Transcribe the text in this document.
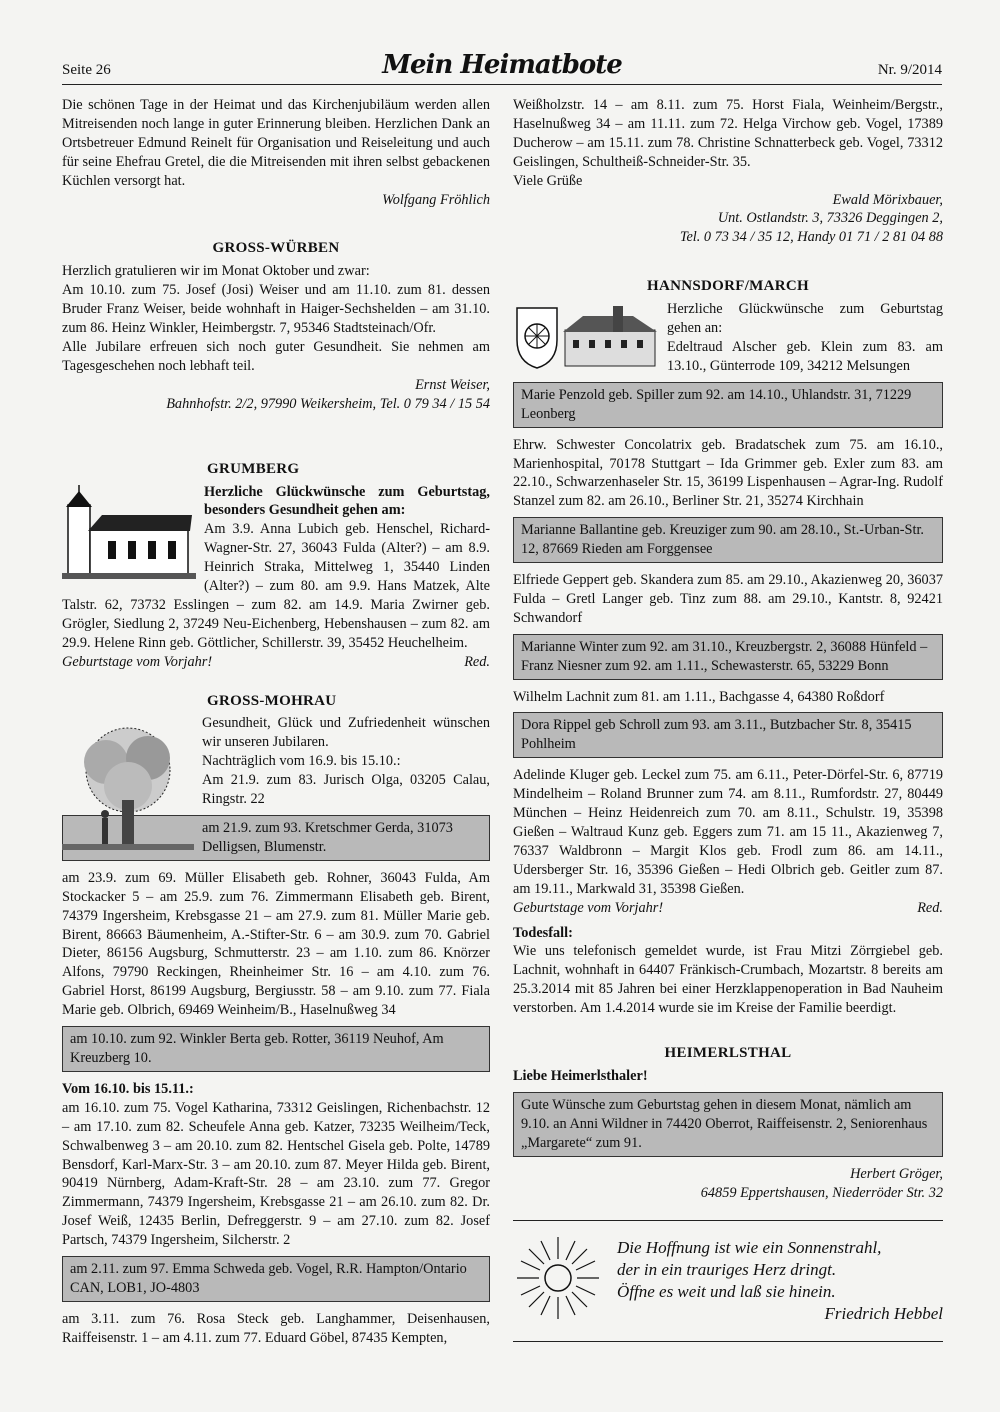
Seite 26	Mein Heimatbote	Nr. 9/2014

Die schönen Tage in der Heimat und das Kirchenjubiläum werden allen Mitreisenden noch lange in guter Erinnerung bleiben. Herzlichen Dank an Ortsbetreuer Edmund Reinelt für Organisation und Reiseleitung und auch für seine Ehefrau Gretel, die die Mitreisenden mit ihren selbst gebackenen Küchlen versorgt hat.

Wolfgang Fröhlich

GROSS-WÜRBEN

Herzlich gratulieren wir im Monat Oktober und zwar:

Am 10.10. zum 75. Josef (Josi) Weiser und am 11.10. zum 81. dessen Bruder Franz Weiser, beide wohnhaft in Haiger-Sechshelden – am 31.10. zum 86. Heinz Winkler, Heimbergstr. 7, 95346 Stadtsteinach/Ofr.

Alle Jubilare erfreuen sich noch guter Gesundheit. Sie nehmen am Tagesgeschehen noch lebhaft teil.

Ernst Weiser,

Bahnhofstr. 2/2, 97990 Weikersheim, Tel. 0 79 34 / 15 54

GRUMBERG

Herzliche Glückwünsche zum Geburtstag, besonders Gesundheit gehen am:

Am 3.9. Anna Lubich geb. Henschel, Richard-Wagner-Str. 27, 36043 Fulda (Alter?) – am 8.9. Heinrich Straka, Mittelweg 1, 35440 Linden (Alter?) – zum 80. am 9.9. Hans Matzek, Alte Talstr. 62, 73732 Esslingen – zum 82. am 14.9. Maria Zwirner geb. Grögler, Siedlung 2, 37249 Neu-Eichenberg, Hebenshausen – zum 82. am 29.9. Helene Rinn geb. Göttlicher, Schillerstr. 39, 35452 Heuchelheim.

Geburtstage vom Vorjahr!	Red.
GROSS-MOHRAU

Gesundheit, Glück und Zufriedenheit wünschen wir unseren Jubilaren.

Nachträglich vom 16.9. bis 15.10.:

Am 21.9. zum 83. Jurisch Olga, 03205 Calau, Ringstr. 22

am 21.9. zum 93. Kretschmer Gerda, 31073 Delligsen, Blumenstr.

am 23.9. zum 69. Müller Elisabeth geb. Rohner, 36043 Fulda, Am Stockacker 5 – am 25.9. zum 76. Zimmermann Elisabeth geb. Birent, 74379 Ingersheim, Krebsgasse 21 – am 27.9. zum 81. Müller Marie geb. Birent, 86663 Bäumenheim, A.-Stifter-Str. 6 – am 30.9. zum 70. Gabriel Dieter, 86156 Augsburg, Schmutterstr. 23 – am 1.10. zum 86. Knörzer Alfons, 79790 Reckingen, Rheinheimer Str. 16 – am 4.10. zum 76. Gabriel Horst, 86199 Augsburg, Bergiusstr. 58 – am 9.10. zum 77. Fiala Marie geb. Olbrich, 69469 Weinheim/B., Haselnußweg 34

am 10.10. zum 92. Winkler Berta geb. Rotter, 36119 Neuhof, Am Kreuzberg 10.

Vom 16.10. bis 15.11.:

am 16.10. zum 75. Vogel Katharina, 73312 Geislingen, Richenbachstr. 12 – am 17.10. zum 82. Scheufele Anna geb. Katzer, 73235 Weilheim/Teck, Schwalbenweg 3 – am 20.10. zum 82. Hentschel Gisela geb. Polte, 14789 Bensdorf, Karl-Marx-Str. 3 – am 20.10. zum 87. Meyer Hilda geb. Birent, 90419 Nürnberg, Adam-Kraft-Str. 28 – am 23.10. zum 77. Gregor Zimmermann, 74379 Ingersheim, Krebsgasse 21 – am 26.10. zum 82. Dr. Josef Weiß, 12435 Berlin, Defreggerstr. 9 – am 27.10. zum 82. Josef Partsch, 74379 Ingersheim, Silcherstr. 2

am 2.11. zum 97. Emma Schweda geb. Vogel, R.R. Hampton/Ontario CAN, LOB1, JO-4803

am 3.11. zum 76. Rosa Steck geb. Langhammer, Deisenhausen, Raiffeisenstr. 1 – am 4.11. zum 77. Eduard Göbel, 87435 Kempten,

Weißholzstr. 14 – am 8.11. zum 75. Horst Fiala, Weinheim/Bergstr., Haselnußweg 34 – am 11.11. zum 72. Helga Virchow geb. Vogel, 17389 Ducherow – am 15.11. zum 78. Christine Schnatterbeck geb. Vogel, 73312 Geislingen, Schultheiß-Schneider-Str. 35.

Viele Grüße

Ewald Mörixbauer,

Unt. Ostlandstr. 3, 73326 Deggingen 2,

Tel. 0 73 34 / 35 12, Handy 01 71 / 2 81 04 88

HANNSDORF/MARCH

Herzliche Glückwünsche zum Geburtstag gehen an:

Edeltraud Alscher geb. Klein zum 83. am 13.10., Günterrode 109, 34212 Melsungen

Marie Penzold geb. Spiller zum 92. am 14.10., Uhlandstr. 31, 71229 Leonberg

Ehrw. Schwester Concolatrix geb. Bradatschek zum 75. am 16.10., Marienhospital, 70178 Stuttgart – Ida Grimmer geb. Exler zum 83. am 22.10., Schwarzenhaseler Str. 15, 36199 Lispenhausen – Agrar-Ing. Rudolf Stanzel zum 82. am 26.10., Berliner Str. 21, 35274 Kirchhain

Marianne Ballantine geb. Kreuziger zum 90. am 28.10., St.-Urban-Str. 12, 87669 Rieden am Forggensee

Elfriede Geppert geb. Skandera zum 85. am 29.10., Akazienweg 20, 36037 Fulda – Gretl Langer geb. Tinz zum 88. am 29.10., Kantstr. 8, 92421 Schwandorf

Marianne Winter zum 92. am 31.10., Kreuzbergstr. 2, 36088 Hünfeld – Franz Niesner zum 92. am 1.11., Schewasterstr. 65, 53229 Bonn

Wilhelm Lachnit zum 81. am 1.11., Bachgasse 4, 64380 Roßdorf

Dora Rippel geb Schroll zum 93. am 3.11., Butzbacher Str. 8, 35415 Pohlheim

Adelinde Kluger geb. Leckel zum 75. am 6.11., Peter-Dörfel-Str. 6, 87719 Mindelheim – Roland Brunner zum 74. am 8.11., Rumfordstr. 27, 80449 München – Heinz Heidenreich zum 70. am 8.11., Schulstr. 19, 35398 Gießen – Waltraud Kunz geb. Eggers zum 71. am 15 11., Akazienweg 7, 76337 Waldbronn – Margit Klos geb. Frodl zum 86. am 14.11., Udersberger Str. 16, 35396 Gießen – Hedi Olbrich geb. Geitler zum 87. am 19.11., Markwald 31, 35398 Gießen.

Geburtstage vom Vorjahr!	Red.

Todesfall:

Wie uns telefonisch gemeldet wurde, ist Frau Mitzi Zörrgiebel geb. Lachnit, wohnhaft in 64407 Fränkisch-Crumbach, Mozartstr. 8 bereits am 25.3.2014 mit 85 Jahren bei einer Herzklappenoperation in Bad Nauheim verstorben. Am 1.4.2014 wurde sie im Kreise der Familie beerdigt.

HEIMERLSTHAL

Liebe Heimerlsthaler!

Gute Wünsche zum Geburtstag gehen in diesem Monat, nämlich am 9.10. an Anni Wildner in 74420 Oberrot, Raiffeisenstr. 2, Seniorenhaus „Margarete“ zum 91.

Herbert Gröger,

64859 Eppertshausen, Niederröder Str. 32

Die Hoffnung ist wie ein Sonnenstrahl,

der in ein trauriges Herz dringt.

Öffne es weit und laß sie hinein.

Friedrich Hebbel
